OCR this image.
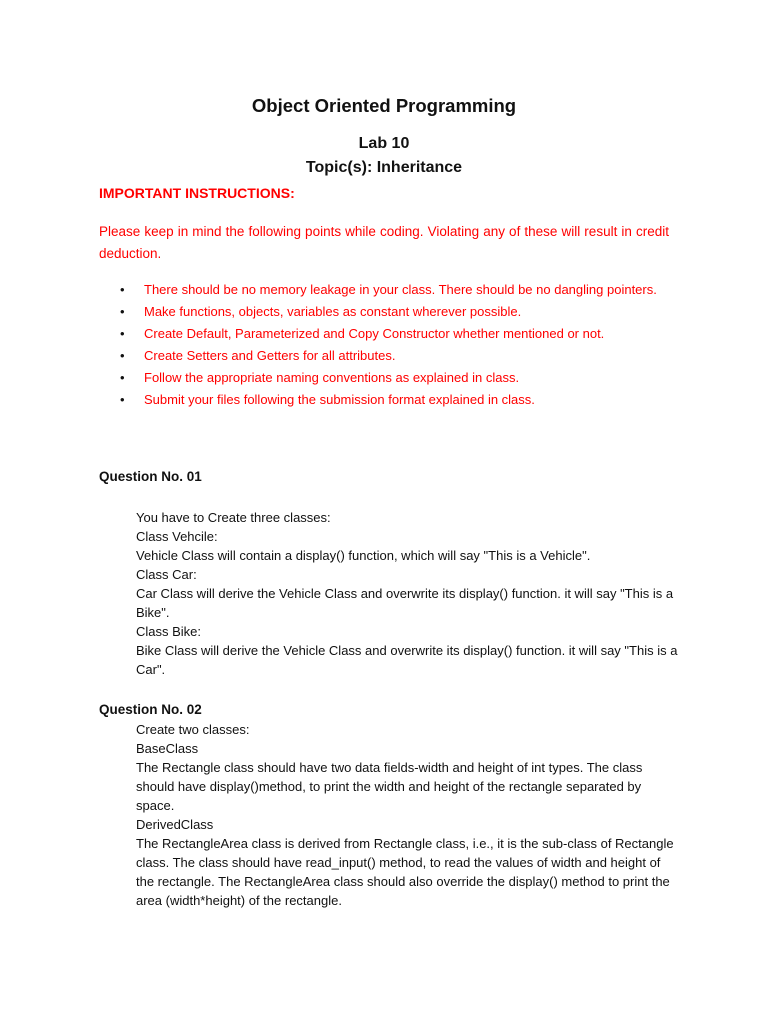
Object Oriented Programming
Lab 10
Topic(s): Inheritance
IMPORTANT INSTRUCTIONS:

Please keep in mind the following points while coding. Violating any of these will result in credit deduction.

• There should be no memory leakage in your class. There should be no dangling pointers.
• Make functions, objects, variables as constant wherever possible.
• Create Default, Parameterized and Copy Constructor whether mentioned or not.
• Create Setters and Getters for all attributes.
• Follow the appropriate naming conventions as explained in class.
• Submit your files following the submission format explained in class.
Question No. 01
You have to Create three classes:
Class Vehcile:
Vehicle Class will contain a display() function, which will say "This is a Vehicle".
Class Car:
Car Class will derive the Vehicle Class and overwrite its display() function. it will say "This is a Bike".
Class Bike:
Bike Class will derive the Vehicle Class and overwrite its display() function. it will say "This is a Car".
Question No. 02
Create two classes:
BaseClass
The Rectangle class should have two data fields-width and height of int types. The class should have display()method, to print the width and height of the rectangle separated by space.
DerivedClass
The RectangleArea class is derived from Rectangle class, i.e., it is the sub-class of Rectangle class. The class should have read_input() method, to read the values of width and height of the rectangle. The RectangleArea class should also override the display() method to print the area (width*height) of the rectangle.
